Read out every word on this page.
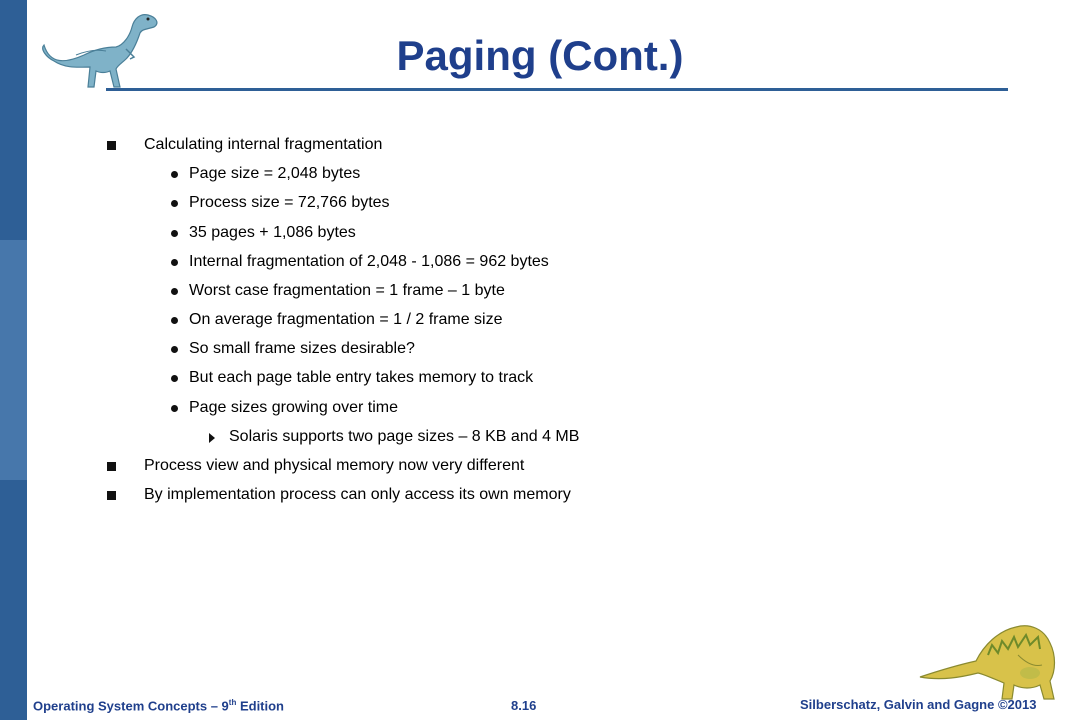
Paging (Cont.)
Calculating internal fragmentation
Page size = 2,048 bytes
Process size = 72,766 bytes
35 pages + 1,086 bytes
Internal fragmentation of 2,048 - 1,086 = 962 bytes
Worst case fragmentation = 1 frame – 1 byte
On average fragmentation = 1 / 2 frame size
So small frame sizes desirable?
But each page table entry takes memory to track
Page sizes growing over time
Solaris supports two page sizes – 8 KB and 4 MB
Process view and physical memory now very different
By implementation process can only access its own memory
Operating System Concepts – 9th Edition	8.16	Silberschatz, Galvin and Gagne ©2013
